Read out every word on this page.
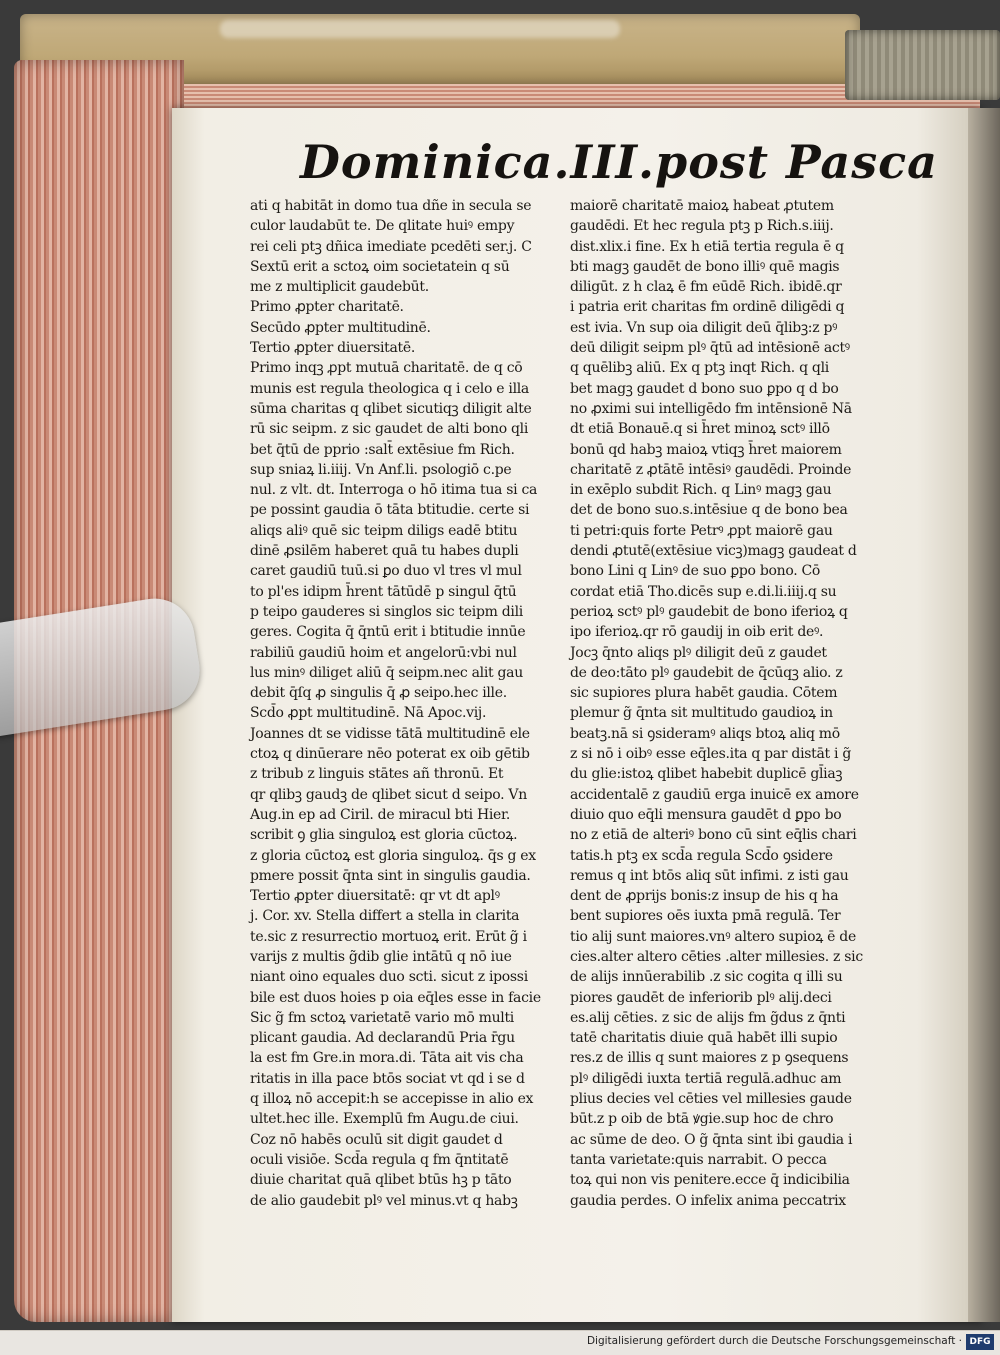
Dominica.III.post Pasca
ati q habitāt in domo tua dñe in secula se
culor laudabūt te. De qlitate huiꝰ empy
rei celi ptꝫ dñica imediate pcedēti ser.j. C
Sextū erit a sctoꝝ oim societatein q sū
me z multiplicit gaudebūt.
Primo ꝓpter charitatē.
Secūdo ꝓpter multitudinē.
Tertio ꝓpter diuersitatē.
Primo inqꝫ ꝓpt mutuā charitatē. de q cō
munis est regula theologica q i celo e illa
sūma charitas q qlibet sicutiqꝫ diligit alte
rū sic seipm. z sic gaudet de alti bono qli
bet q̄tū de pprio :salt̄ extēsiue fm Rich.
sup sniaꝝ li.iiij. Vn Anf.li. psologiō c.pe
nul. z vlt. dt. Interroga o hō itima tua si ca
pe possint gaudia ō tāta btitudie. certe si
aliqs aliꝰ quē sic teipm diligs eadē btitu
dinē ꝓsilēm haberet quā tu habes dupli
caret gaudiū tuū.si ꝑo duo vl tres vl mul
to pl'es idipm h̄rent tātūdē p singul q̄tū
p teipo gauderes si singlos sic teipm dili
geres. Cogita q̄ q̄ntū erit i btitudie innūe
rabiliū gaudiū hoim et angelorū:vbi nul
lus minꝰ diliget aliū q̄ seipm.nec alit gau
debit q̄ſq ꝓ singulis q̄ ꝓ seipo.hec ille.
Scd̄o ꝓpt multitudinē. Nā Apoc.vij.
Joannes dt se vidisse tātā multitudinē ele
ctoꝝ q dinūerare nēo poterat ex oib gētib
z tribub z linguis stātes añ thronū. Et
qr qlibꝫ gaudꝫ de qlibet sicut d seipo. Vn
Aug.in ep ad Ciril. de miracul bti Hier.
scribit ꝯ glia singuloꝝ est gloria cūctoꝝ.
z gloria cūctoꝝ est gloria singuloꝝ. q̄s g ex
pmere possit q̄nta sint in singulis gaudia.
Tertio ꝓpter diuersitatē: qr vt dt aplꝰ
j. Cor. xv. Stella differt a stella in clarita
te.sic z resurrectio mortuoꝝ erit. Erūt g̃ i
varijs z multis g̃dib glie intātū q nō iue
niant oino equales duo scti. sicut z ipossi
bile est duos hoies p oia eq̄les esse in facie
Sic g̃ fm sctoꝝ varietatē vario mō multi
plicant gaudia. Ad declarandū Pria r̄gu
la est fm Gre.in mora.di. Tāta ait vis cha
ritatis in illa pace btōs sociat vt qd i se d
q illoꝝ nō accepit:h se accepisse in alio ex
ultet.hec ille. Exemplū fm Augu.de ciui.
Coz nō habēs oculū sit digit gaudet d
oculi visiōe. Scd̄a regula q fm q̄ntitatē
diuie charitat quā qlibet btūs hꝫ p tāto
de alio gaudebit plꝰ vel minus.vt q habꝫ
maiorē charitatē maioꝝ habeat ꝓtutem
gaudēdi. Et hec regula ptꝫ p Rich.s.iiij.
dist.xlix.i fine. Ex h etiā tertia regula ē q
bti magꝫ gaudēt de bono illiꝰ quē magis
diligūt. z h claꝝ ē fm eūdē Rich. ibidē.qr
i patria erit charitas fm ordinē diligēdi q
est ivia. Vn sup oia diligit deū q̄libꝫ:z pꝰ
deū diligit seipm plꝰ q̄tū ad intēsionē actꝰ
q quēlibꝫ aliū. Ex q ptꝫ inqt Rich. q qli
bet magꝫ gaudet d bono suo ꝑpo q d bo
no ꝓximi sui intelligēdo fm intēnsionē Nā
dt etiā Bonauē.q si h̄ret minoꝝ sctꝰ illō
bonū qd habꝫ maioꝝ vtiqꝫ h̄ret maiorem
charitatē z ꝓtātē intēsiꝰ gaudēdi. Proinde
in exēplo subdit Rich. q Linꝰ magꝫ gau
det de bono suo.s.intēsiue q de bono bea
ti petri:quis forte Petrꝰ ꝓpt maiorē gau
dendi ꝓtutē(extēsiue vicꝫ)magꝫ gaudeat d
bono Lini q Linꝰ de suo ꝑpo bono. Cō
cordat etiā Tho.dicēs sup e.di.li.iiij.q su
perioꝝ sctꝰ plꝰ gaudebit de bono iferioꝝ q
ipo iferioꝝ.qr rō gaudij in oib erit deꝰ.
Jocꝫ q̄nto aliqs plꝰ diligit deū z gaudet
de deo:tāto plꝰ gaudebit de q̄cūqꝫ alio. z
sic supiores plura habēt gaudia. Cōtem
plemur g̃ q̄nta sit multitudo gaudioꝝ in
beatꝫ.nā si ꝯsideramꝰ aliqs btoꝝ aliq mō
z si nō i oibꝰ esse eq̄les.ita q par distāt i g̃
du glie:istoꝝ qlibet habebit duplicē gl̄iaꝫ
accidentalē z gaudiū erga inuicē ex amore
diuio quo eq̄li mensura gaudēt d ꝑpo bo
no z etiā de alteriꝰ bono cū sint eq̄lis chari
tatis.h ptꝫ ex scd̄a regula Scd̄o ꝯsidere
remus q int btōs aliq sūt infimi. z isti gau
dent de ꝓprijs bonis:z insup de his q ha
bent supiores oēs iuxta pmā regulā. Ter
tio alij sunt maiores.vnꝰ altero supioꝝ ē de
cies.alter altero cēties .alter millesies. z sic
de alijs innūerabilib .z sic cogita q illi su
piores gaudēt de inferiorib plꝰ alij.deci
es.alij cēties. z sic de alijs fm g̃dus z q̄nti
tatē charitatis diuie quā habēt illi supio
res.z de illis q sunt maiores z p ꝯsequens
plꝰ diligēdi iuxta tertiā regulā.adhuc am
plius decies vel cēties vel millesies gaude
būt.z p oib de btā ꝟgie.sup hoc de chro
ac sūme de deo. O g̃ q̄nta sint ibi gaudia i
tanta varietate:quis narrabit. O pecca
toꝝ qui non vis penitere.ecce q̄ indicibilia
gaudia perdes. O infelix anima peccatrix
Digitalisierung gefördert durch die Deutsche Forschungsgemeinschaft · DFG
